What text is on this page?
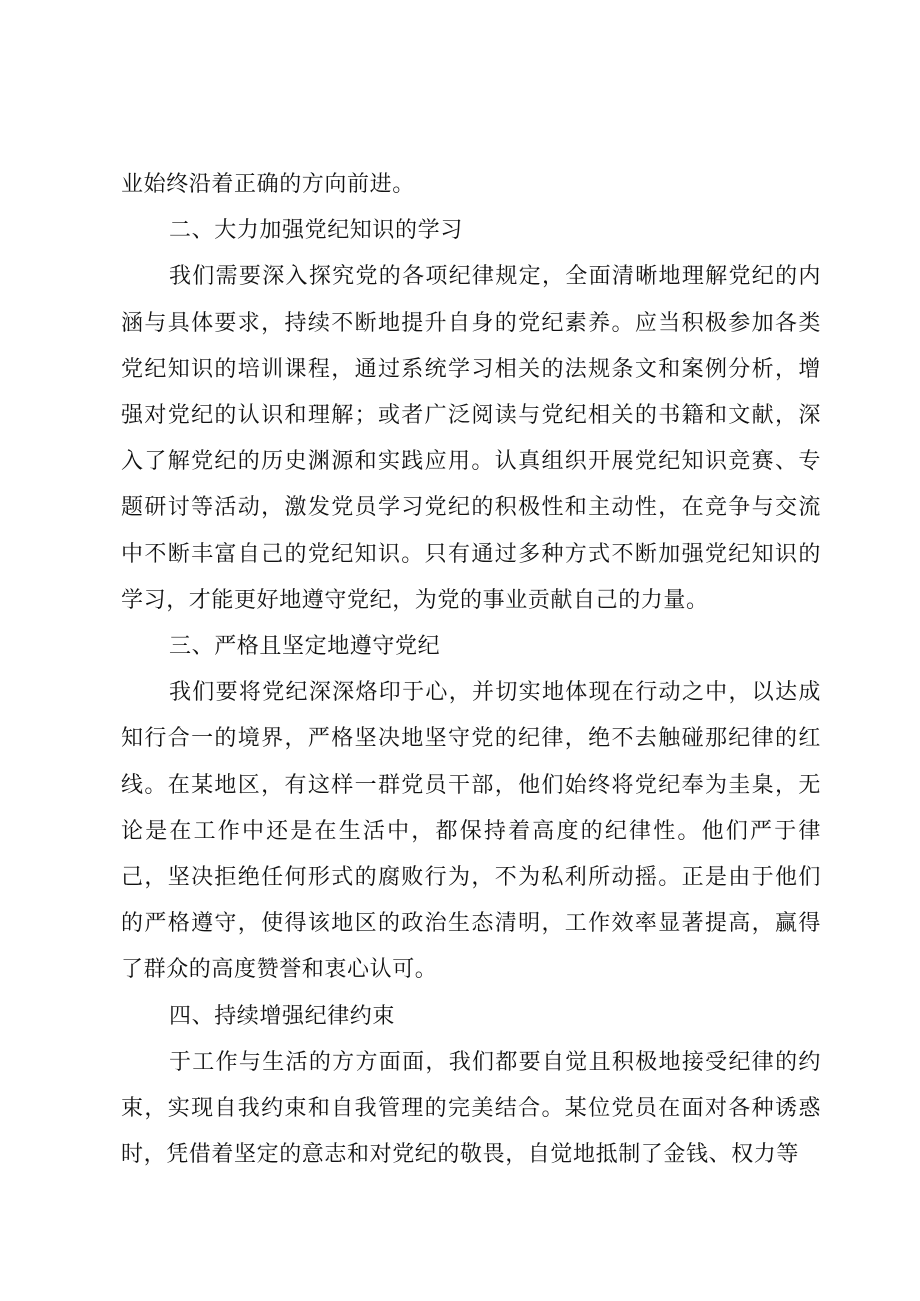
业始终沿着正确的方向前进。

二、大力加强党纪知识的学习

我们需要深入探究党的各项纪律规定，全面清晰地理解党纪的内涵与具体要求，持续不断地提升自身的党纪素养。应当积极参加各类党纪知识的培训课程，通过系统学习相关的法规条文和案例分析，增强对党纪的认识和理解；或者广泛阅读与党纪相关的书籍和文献，深入了解党纪的历史渊源和实践应用。认真组织开展党纪知识竞赛、专题研讨等活动，激发党员学习党纪的积极性和主动性，在竞争与交流中不断丰富自己的党纪知识。只有通过多种方式不断加强党纪知识的学习，才能更好地遵守党纪，为党的事业贡献自己的力量。

三、严格且坚定地遵守党纪

我们要将党纪深深烙印于心，并切实地体现在行动之中，以达成知行合一的境界，严格坚决地坚守党的纪律，绝不去触碰那纪律的红线。在某地区，有这样一群党员干部，他们始终将党纪奉为圭臬，无论是在工作中还是在生活中，都保持着高度的纪律性。他们严于律己，坚决拒绝任何形式的腐败行为，不为私利所动摇。正是由于他们的严格遵守，使得该地区的政治生态清明，工作效率显著提高，赢得了群众的高度赞誉和衷心认可。

四、持续增强纪律约束

于工作与生活的方方面面，我们都要自觉且积极地接受纪律的约束，实现自我约束和自我管理的完美结合。某位党员在面对各种诱惑时，凭借着坚定的意志和对党纪的敬畏，自觉地抵制了金钱、权力等
